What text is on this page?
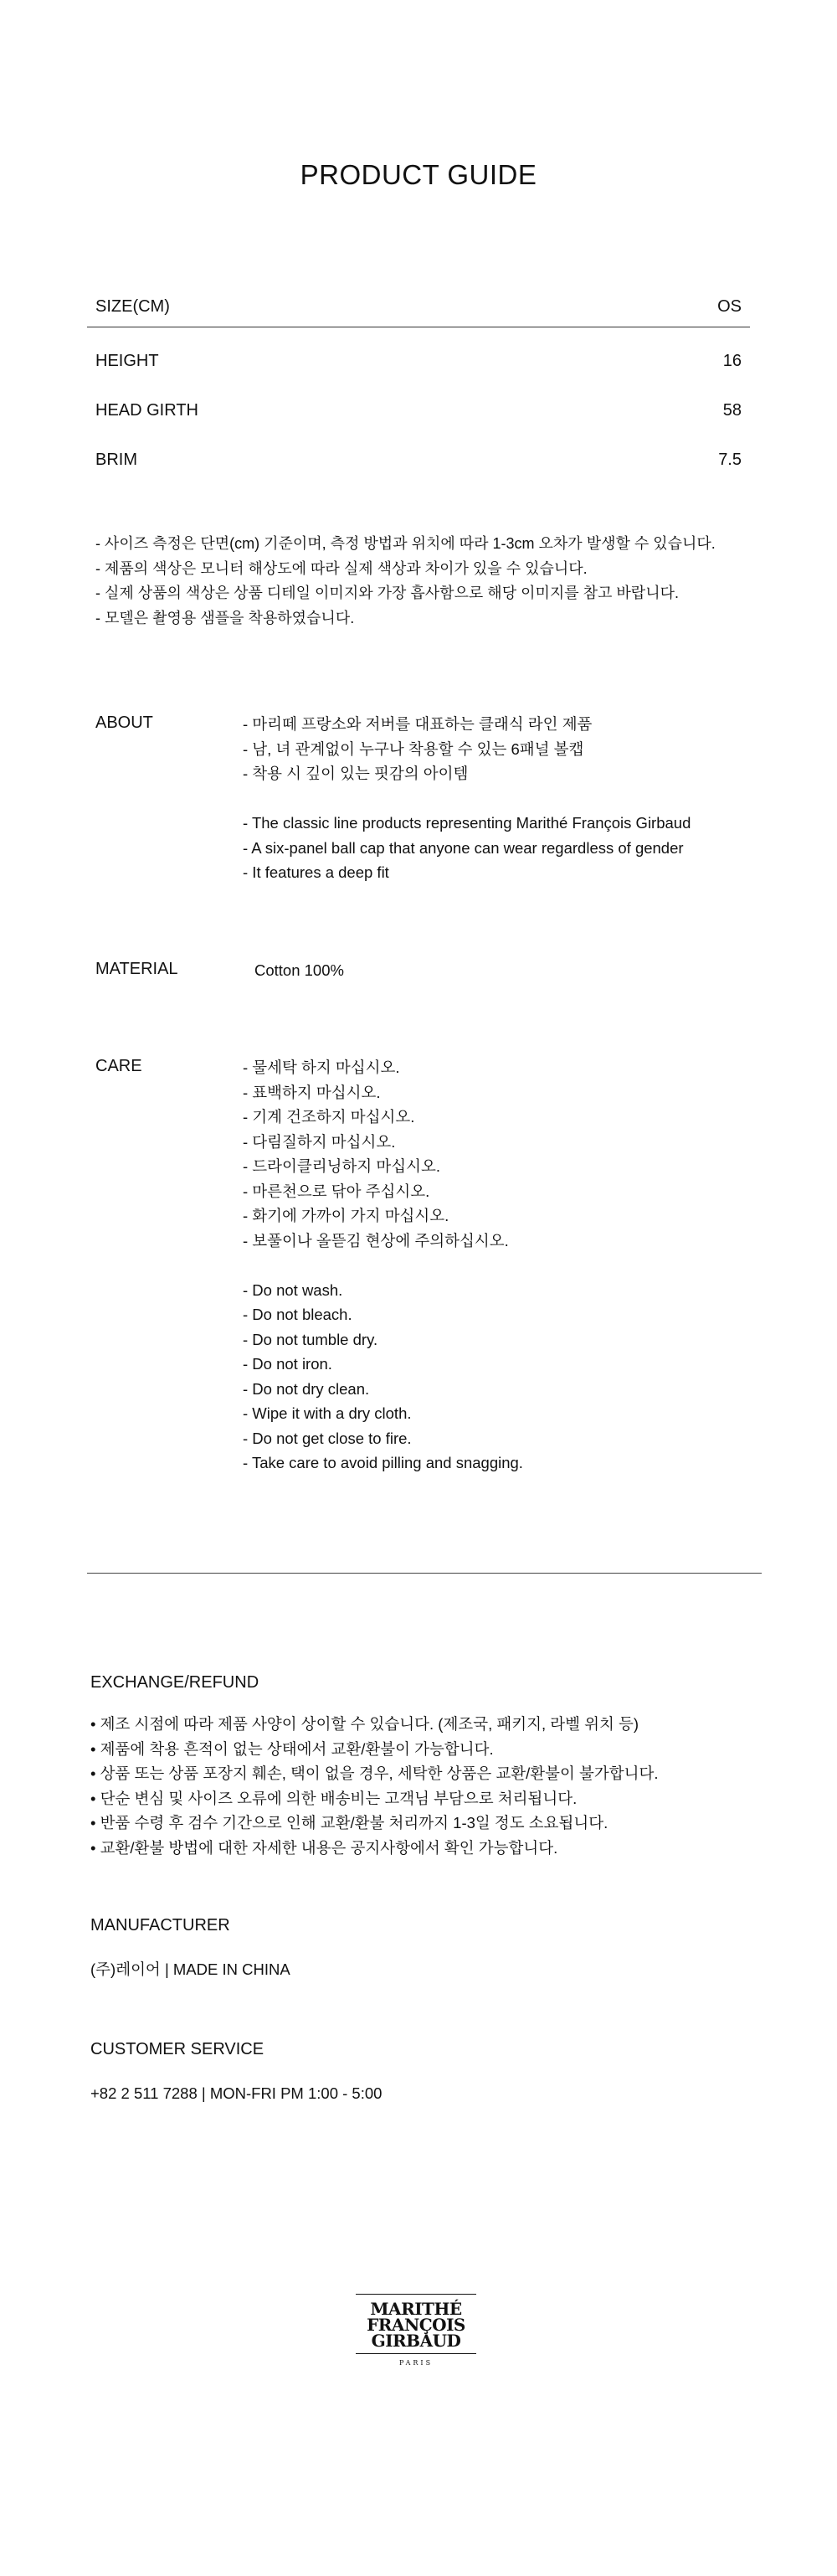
PRODUCT GUIDE
SIZE(CM)	OS
HEIGHT	16
HEAD GIRTH	58
BRIM	7.5
- 사이즈 측정은 단면(cm) 기준이며, 측정 방법과 위치에 따라 1-3cm 오차가 발생할 수 있습니다.
- 제품의 색상은 모니터 해상도에 따라 실제 색상과 차이가 있을 수 있습니다.
- 실제 상품의 색상은 상품 디테일 이미지와 가장 흡사함으로 해당 이미지를 참고 바랍니다.
- 모델은 촬영용 샘플을 착용하였습니다.
ABOUT	- 마리떼 프랑소와 저버를 대표하는 클래식 라인 제품
- 남, 녀 관계없이 누구나 착용할 수 있는 6패널 볼캡
- 착용 시 깊이 있는 핏감의 아이템
- The classic line products representing Marithé François Girbaud
- A six-panel ball cap that anyone can wear regardless of gender
- It features a deep fit
MATERIAL	Cotton 100%
CARE	- 물세탁 하지 마십시오.
- 표백하지 마십시오.
- 기계 건조하지 마십시오.
- 다림질하지 마십시오.
- 드라이클리닝하지 마십시오.
- 마른천으로 닦아 주십시오.
- 화기에 가까이 가지 마십시오.
- 보풀이나 올뜯김 현상에 주의하십시오.
- Do not wash.
- Do not bleach.
- Do not tumble dry.
- Do not iron.
- Do not dry clean.
- Wipe it with a dry cloth.
- Do not get close to fire.
- Take care to avoid pilling and snagging.
EXCHANGE/REFUND
• 제조 시점에 따라 제품 사양이 상이할 수 있습니다. (제조국, 패키지, 라벨 위치 등)
• 제품에 착용 흔적이 없는 상태에서 교환/환불이 가능합니다.
• 상품 또는 상품 포장지 훼손, 택이 없을 경우, 세탁한 상품은 교환/환불이 불가합니다.
• 단순 변심 및 사이즈 오류에 의한 배송비는 고객님 부담으로 처리됩니다.
• 반품 수령 후 검수 기간으로 인해 교환/환불 처리까지 1-3일 정도 소요됩니다.
• 교환/환불 방법에 대한 자세한 내용은 공지사항에서 확인 가능합니다.
MANUFACTURER
(주)레이어 | MADE IN CHINA
CUSTOMER SERVICE
+82 2 511 7288 | MON-FRI PM 1:00 - 5:00
MARITHÉ
FRANÇOIS
GIRBAUD
PARIS
